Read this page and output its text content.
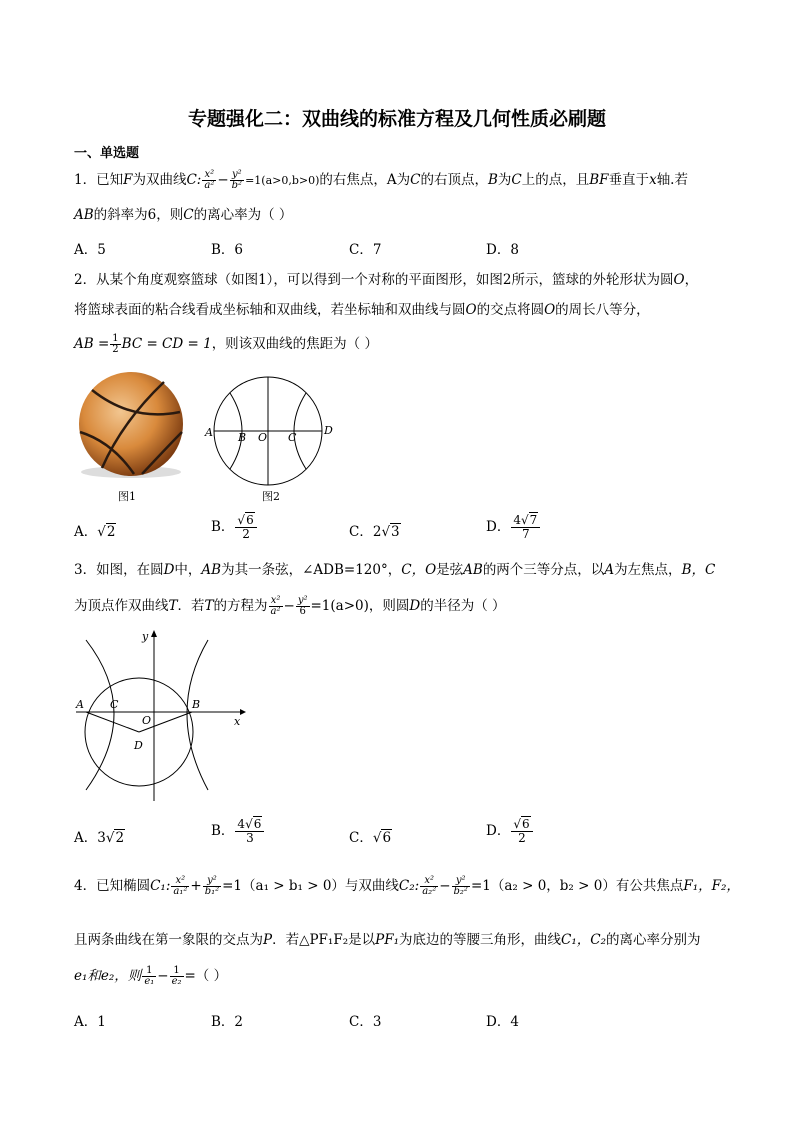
专题强化二：双曲线的标准方程及几何性质必刷题
一、单选题
1．已知F为双曲线C: $\frac{\text{x²}}{\text{a²}} - \frac{\text{y²}}{\text{b²}} =1(a>0,b>0)$的右焦点，A为C的右顶点，B为C上的点，且BF垂直于x轴.若
AB的斜率为6，则C的离心率为（ ）
A．5	B．6	C．7	D．8
2．从某个角度观察篮球（如图1），可以得到一个对称的平面图形，如图2所示，篮球的外轮形状为圆O，
将篮球表面的粘合线看成坐标轴和双曲线，若坐标轴和双曲线与圆O的交点将圆O的周长八等分，
AB = $\frac{1}{2}$ BC = CD = 1，则该双曲线的焦距为（ ）
图1
A B O C
D
图2
A．√2	B． $\frac{√6}{2}$	C．2√3	D． $\frac{4√7}{7}$
3．如图，在圆D中，AB为其一条弦，∠ADB=120°，C，O是弦AB的两个三等分点，以A为左焦点，B，C
为顶点作双曲线T．若T的方程为 $\frac{\text{x²}}{\text{a²}} - \frac{\text{y²}}{6} =1(a>0)$，则圆D的半径为（ ）
y
A C
O
B
x
D
A．3√2	B． $\frac{4√6}{3}$	C．√6	D． $\frac{√6}{2}$
4．已知椭圆C₁: $\frac{\text{x²}}{\text{a₁²}} + \frac{\text{y²}}{\text{b₁²}} =1(a_1 > b_1 > 0)$与双曲线C₂: $\frac{\text{x²}}{\text{a₂²}} - \frac{\text{y²}}{\text{b₂²}} =1(a_2 > 0$，b₂ > 0）有公共焦点F₁，F₂，
且两条曲线在第一象限的交点为P．若△PF₁F₂是以PF₁为底边的等腰三角形，曲线C₁，C₂的离心率分别为
e₁和e₂，则 $\frac{1}{\text{e₁}} - \frac{1}{\text{e₂}}$ =（ ）
A．1	B．2	C．3	D．4
